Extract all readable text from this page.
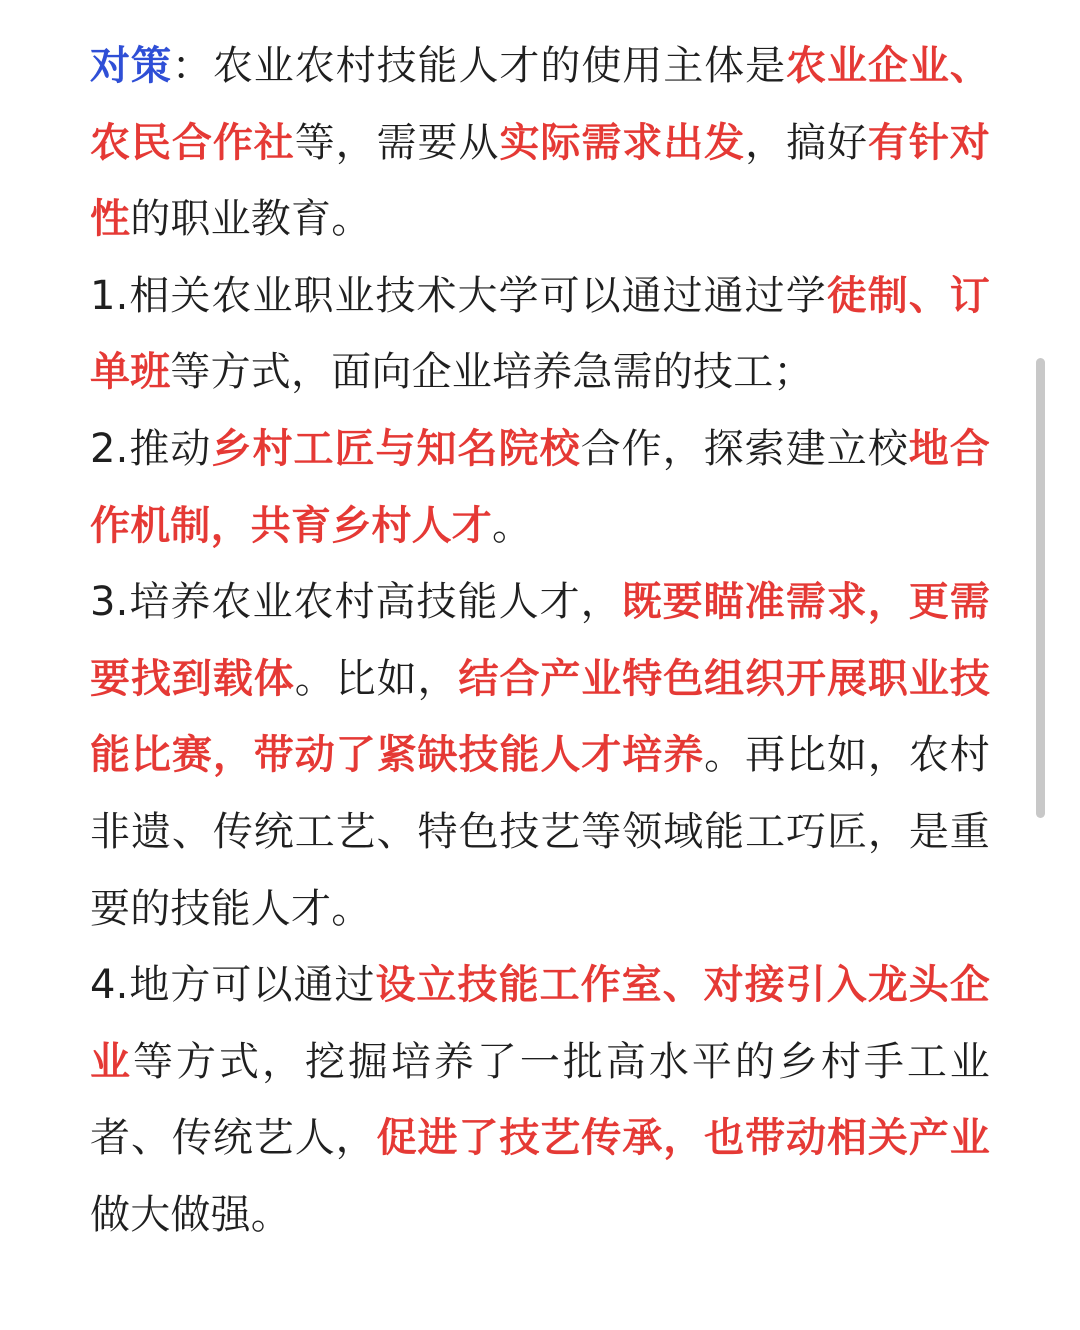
对策：农业农村技能人才的使用主体是农业企业、农民合作社等，需要从实际需求出发，搞好有针对性的职业教育。

1.相关农业职业技术大学可以通过通过学徒制、订单班等方式，面向企业培养急需的技工；

2.推动乡村工匠与知名院校合作，探索建立校地合作机制，共育乡村人才。

3.培养农业农村高技能人才，既要瞄准需求，更需要找到载体。比如，结合产业特色组织开展职业技能比赛，带动了紧缺技能人才培养。再比如，农村非遗、传统工艺、特色技艺等领域能工巧匠，是重要的技能人才。

4.地方可以通过设立技能工作室、对接引入龙头企业等方式，挖掘培养了一批高水平的乡村手工业者、传统艺人，促进了技艺传承，也带动相关产业做大做强。
